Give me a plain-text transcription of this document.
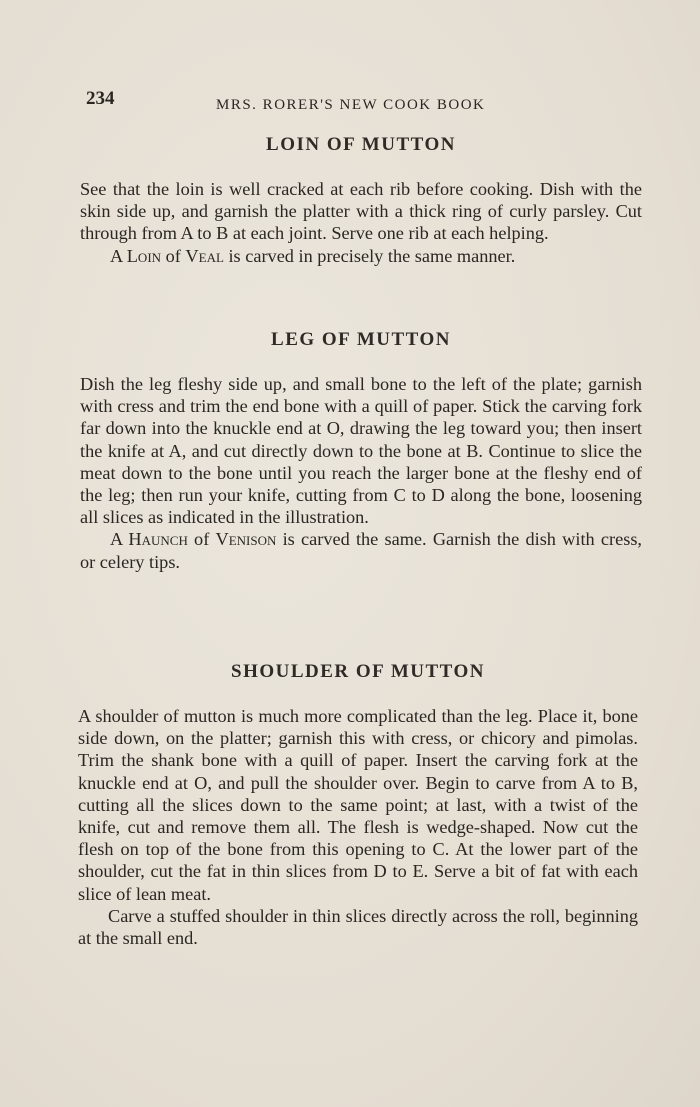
234	MRS. RORER'S NEW COOK BOOK
LOIN OF MUTTON

See that the loin is well cracked at each rib before cooking. Dish with the skin side up, and garnish the platter with a thick ring of curly parsley. Cut through from A to B at each joint. Serve one rib at each helping.

A Loin of Veal is carved in precisely the same manner.

LEG OF MUTTON

Dish the leg fleshy side up, and small bone to the left of the plate; garnish with cress and trim the end bone with a quill of paper. Stick the carving fork far down into the knuckle end at O, drawing the leg toward you; then insert the knife at A, and cut directly down to the bone at B. Continue to slice the meat down to the bone until you reach the larger bone at the fleshy end of the leg; then run your knife, cutting from C to D along the bone, loosening all slices as indicated in the illustration.

A Haunch of Venison is carved the same. Garnish the dish with cress, or celery tips.

SHOULDER OF MUTTON

A shoulder of mutton is much more complicated than the leg. Place it, bone side down, on the platter; garnish this with cress, or chicory and pimolas. Trim the shank bone with a quill of paper. Insert the carving fork at the knuckle end at O, and pull the shoulder over. Begin to carve from A to B, cutting all the slices down to the same point; at last, with a twist of the knife, cut and remove them all. The flesh is wedge-shaped. Now cut the flesh on top of the bone from this opening to C. At the lower part of the shoulder, cut the fat in thin slices from D to E. Serve a bit of fat with each slice of lean meat.

Carve a stuffed shoulder in thin slices directly across the roll, beginning at the small end.
